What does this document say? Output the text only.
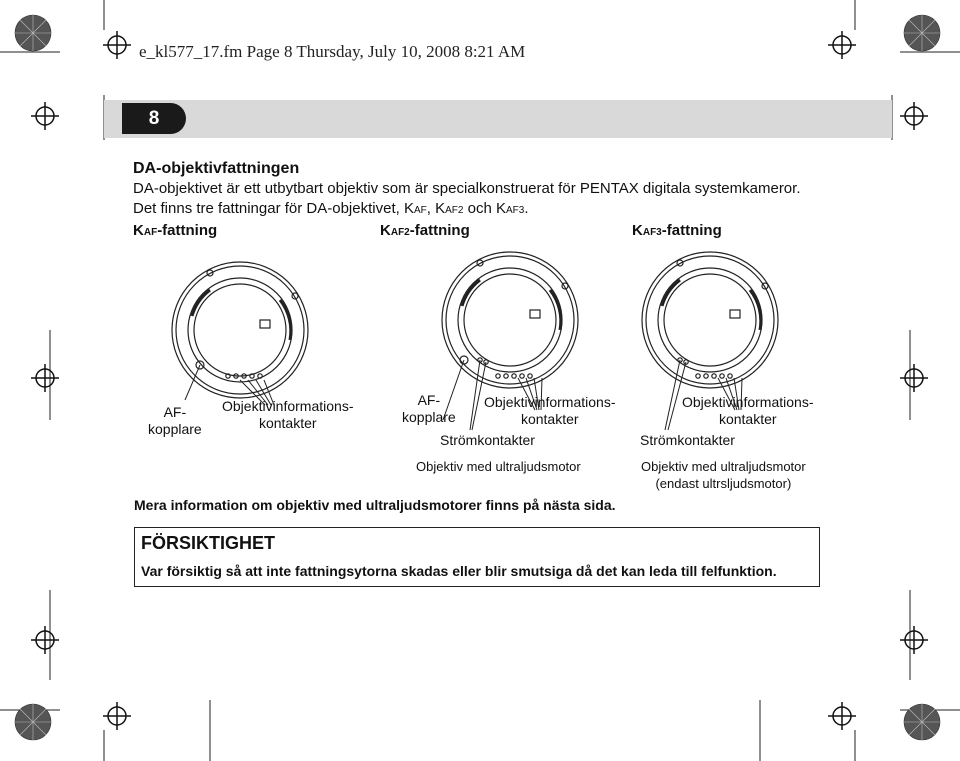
e_kl577_17.fm Page 8 Thursday, July 10, 2008 8:21 AM
8
DA-objektivfattningen
DA-objektivet är ett utbytbart objektiv som är specialkonstruerat för PENTAX digitala systemkameror.
Det finns tre fattningar för DA-objektivet, KAF, KAF2 och KAF3.
KAF-fattning	KAF2-fattning	KAF3-fattning
AF-
kopplare
Objektivinformations-
kontakter
AF-
kopplare
Objektivinformations-
kontakter
Strömkontakter
Objektiv med ultraljudsmotor
Objektivinformations-
kontakter
Strömkontakter
Objektiv med ultraljudsmotor
(endast ultrsljudsmotor)
Mera information om objektiv med ultraljudsmotorer finns på nästa sida.
FÖRSIKTIGHET
Var försiktig så att inte fattningsytorna skadas eller blir smutsiga då det kan leda till felfunktion.
